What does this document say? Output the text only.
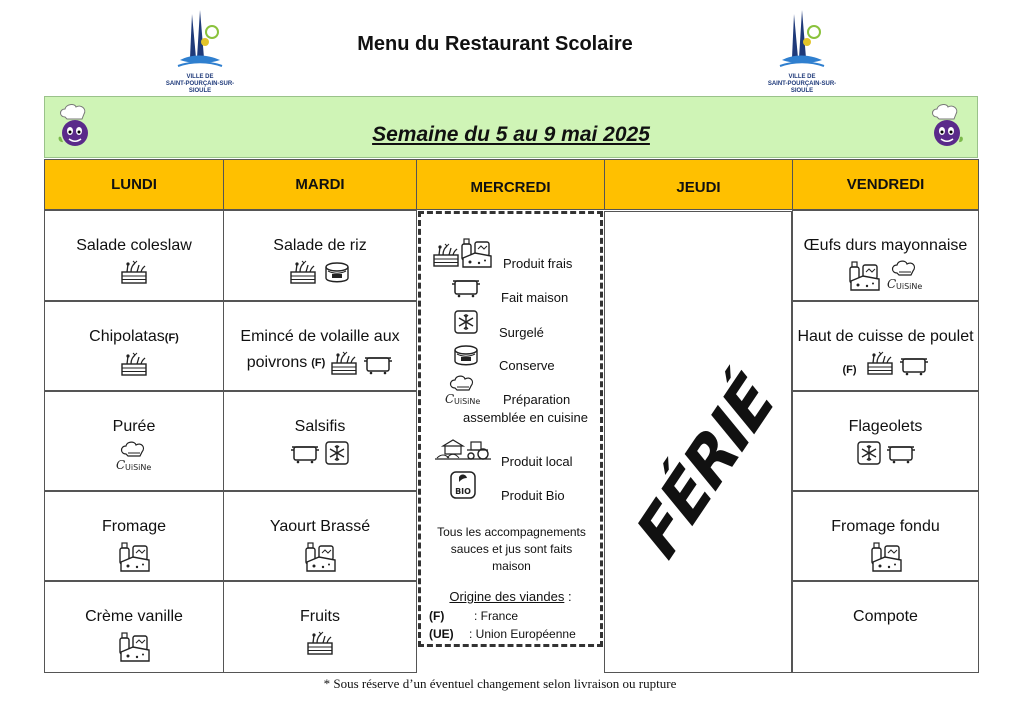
VILLE DE
SAINT-POURÇAIN-SUR-SIOULE
Menu du Restaurant Scolaire
VILLE DE
SAINT-POURÇAIN-SUR-SIOULE
Semaine du 5 au 9 mai 2025
LUNDI
Salade coleslaw
Chipolatas(F)
Purée
Fromage
Crème vanille
MARDI
Salade de riz
Emincé de volaille aux
poivrons (F)
Salsifis
Yaourt Brassé
Fruits
MERCREDI
Produit frais
Fait maison
Surgelé
Conserve
Préparation
assemblée en cuisine
Produit local
BIO Produit Bio
Tous les accompagnements
sauces et jus sont faits
maison
Origine des viandes :
(F) : France
(UE) : Union Européenne
JEUDI
FÉRIÉ
VENDREDI
Œufs durs mayonnaise
Haut de cuisse de poulet
(F)
Flageolets
Fromage fondu
Compote
* Sous réserve d’un éventuel changement selon livraison ou rupture
